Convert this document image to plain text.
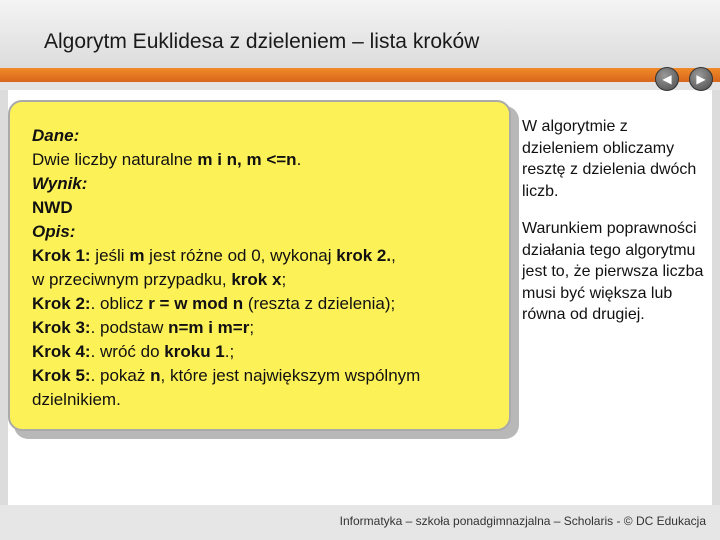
Algorytm Euklidesa z dzieleniem – lista kroków
◀	▶
Dane:
Dwie liczby naturalne m i n, m <=n.
Wynik:
NWD
Opis:
Krok 1: jeśli m jest różne od 0, wykonaj krok 2.,
w przeciwnym przypadku, krok x;
Krok 2:. oblicz r = w mod n (reszta z dzielenia);
Krok 3:. podstaw n=m i m=r;
Krok 4:. wróć do kroku 1.;
Krok 5:. pokaż n, które jest największym wspólnym dzielnikiem.

W algorytmie z dzieleniem obliczamy resztę z dzielenia dwóch liczb.

Warunkiem poprawności działania tego algorytmu jest to, że pierwsza liczba musi być większa lub równa od drugiej.

Informatyka – szkoła ponadgimnazjalna – Scholaris - © DC Edukacja
